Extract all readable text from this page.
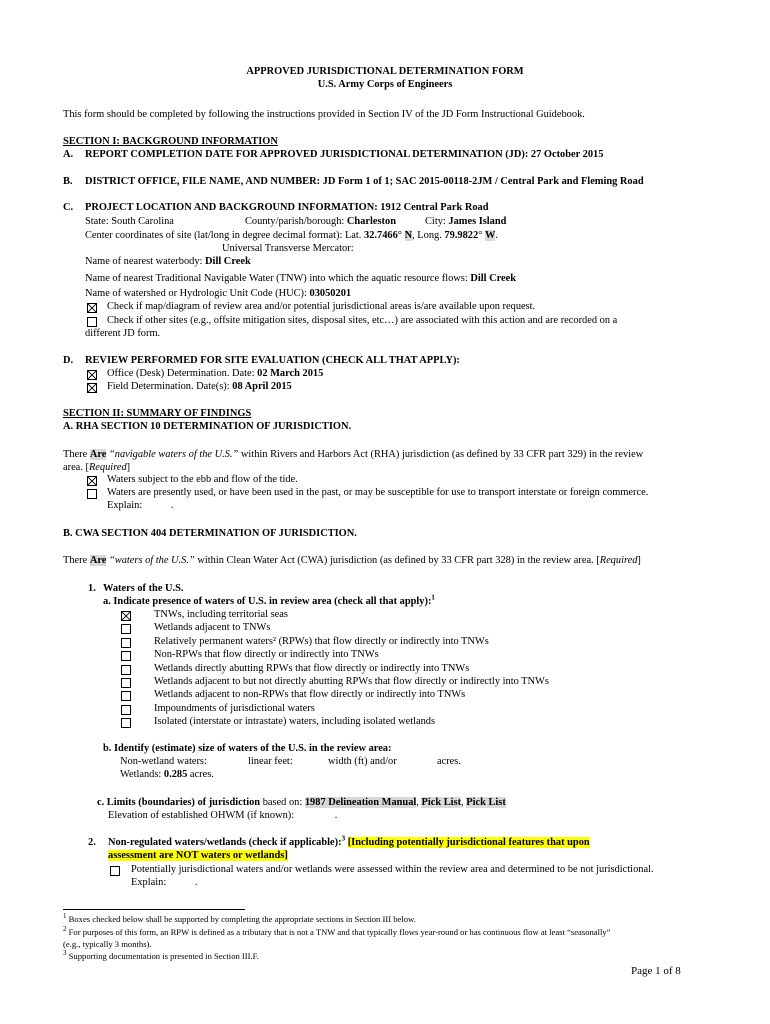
APPROVED JURISDICTIONAL DETERMINATION FORM
U.S. Army Corps of Engineers
This form should be completed by following the instructions provided in Section IV of the JD Form Instructional Guidebook.
SECTION I: BACKGROUND INFORMATION
A. REPORT COMPLETION DATE FOR APPROVED JURISDICTIONAL DETERMINATION (JD): 27 October 2015
B. DISTRICT OFFICE, FILE NAME, AND NUMBER: JD Form 1 of 1; SAC 2015-00118-2JM / Central Park and Fleming Road
C. PROJECT LOCATION AND BACKGROUND INFORMATION: 1912 Central Park Road
State: South Carolina	County/parish/borough: Charleston	City: James Island
Center coordinates of site (lat/long in degree decimal format): Lat. 32.7466° N, Long. 79.9822° W.
Universal Transverse Mercator:
Name of nearest waterbody: Dill Creek
Name of nearest Traditional Navigable Water (TNW) into which the aquatic resource flows: Dill Creek
Name of watershed or Hydrologic Unit Code (HUC): 03050201
Check if map/diagram of review area and/or potential jurisdictional areas is/are available upon request.
Check if other sites (e.g., offsite mitigation sites, disposal sites, etc…) are associated with this action and are recorded on a
different JD form.
D. REVIEW PERFORMED FOR SITE EVALUATION (CHECK ALL THAT APPLY):
Office (Desk) Determination. Date: 02 March 2015
Field Determination. Date(s): 08 April 2015
SECTION II: SUMMARY OF FINDINGS
A. RHA SECTION 10 DETERMINATION OF JURISDICTION.
There Are “navigable waters of the U.S.” within Rivers and Harbors Act (RHA) jurisdiction (as defined by 33 CFR part 329) in the review
area. [Required]
Waters subject to the ebb and flow of the tide.
Waters are presently used, or have been used in the past, or may be susceptible for use to transport interstate or foreign commerce.
Explain:	.
B. CWA SECTION 404 DETERMINATION OF JURISDICTION.
There Are “waters of the U.S.” within Clean Water Act (CWA) jurisdiction (as defined by 33 CFR part 328) in the review area. [Required]
1. Waters of the U.S.
a. Indicate presence of waters of U.S. in review area (check all that apply):$^1$
TNWs, including territorial seas
Wetlands adjacent to TNWs
Relatively permanent waters² (RPWs) that flow directly or indirectly into TNWs
Non-RPWs that flow directly or indirectly into TNWs
Wetlands directly abutting RPWs that flow directly or indirectly into TNWs
Wetlands adjacent to but not directly abutting RPWs that flow directly or indirectly into TNWs
Wetlands adjacent to non-RPWs that flow directly or indirectly into TNWs
Impoundments of jurisdictional waters
Isolated (interstate or intrastate) waters, including isolated wetlands
b. Identify (estimate) size of waters of the U.S. in the review area:
Non-wetland waters:	linear feet:	width (ft) and/or	acres.
Wetlands: 0.285 acres.
c. Limits (boundaries) of jurisdiction based on: 1987 Delineation Manual, Pick List, Pick List
Elevation of established OHWM (if known):	.
2. Non-regulated waters/wetlands (check if applicable):$^3$ [Including potentially jurisdictional features that upon
assessment are NOT waters or wetlands]
Potentially jurisdictional waters and/or wetlands were assessed within the review area and determined to be not jurisdictional.
Explain:	.
$^1$ Boxes checked below shall be supported by completing the appropriate sections in Section III below.
$^2$ For purposes of this form, an RPW is defined as a tributary that is not a TNW and that typically flows year-round or has continuous flow at least “seasonally”
(e.g., typically 3 months).
$^3$ Supporting documentation is presented in Section III.F.
Page 1 of 8
